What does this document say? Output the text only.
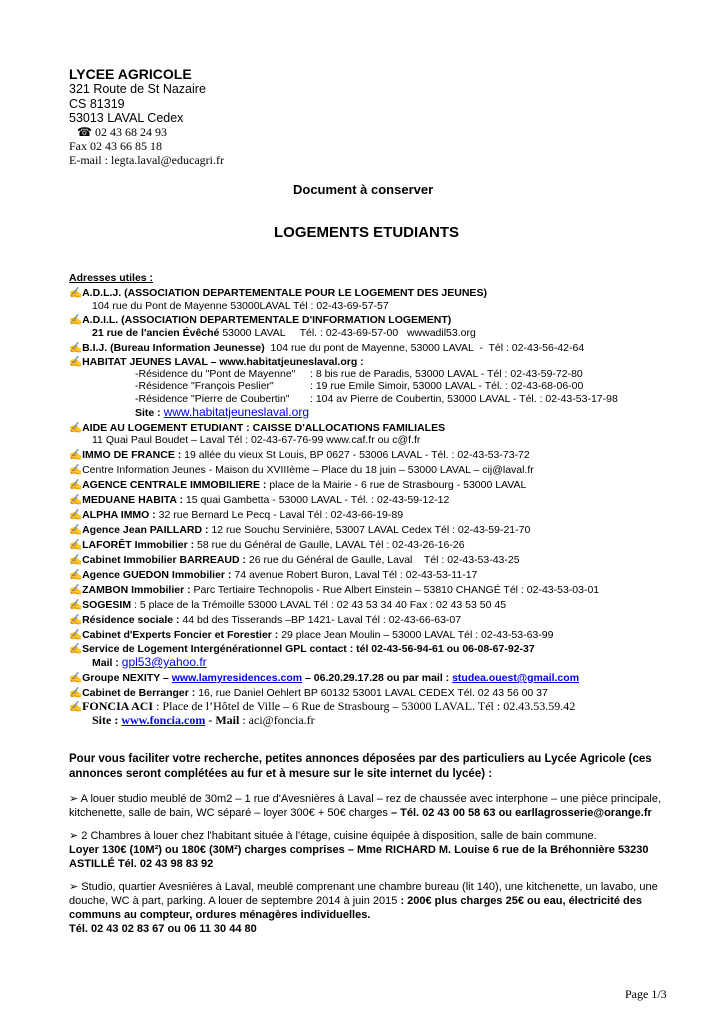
LYCEE AGRICOLE
321 Route de St Nazaire
CS 81319
53013 LAVAL Cedex
☎ 02 43 68 24 93
Fax 02 43 66 85 18
E-mail : legta.laval@educagri.fr
Document à conserver
LOGEMENTS ETUDIANTS
Adresses utiles :
✍A.D.L.J. (ASSOCIATION DEPARTEMENTALE POUR LE LOGEMENT DES JEUNES)
104 rue du Pont de Mayenne 53000LAVAL Tél : 02-43-69-57-57
✍A.D.I.L. (ASSOCIATION DEPARTEMENTALE D'INFORMATION LOGEMENT)
21 rue de l'ancien Évêché 53000 LAVAL     Tél. : 02-43-69-57-00   wwwadil53.org
✍B.I.J. (Bureau Information Jeunesse)  104 rue du pont de Mayenne, 53000 LAVAL  -  Tél : 02-43-56-42-64
✍HABITAT JEUNES LAVAL – www.habitatjeuneslaval.org :
-Résidence du "Pont de Mayenne" : 8 bis rue de Paradis, 53000 LAVAL - Tél : 02-43-59-72-80
-Résidence "François Peslier"	: 19 rue Emile Simoir, 53000 LAVAL - Tél. : 02-43-68-06-00
-Résidence "Pierre de Coubertin" : 104 av Pierre de Coubertin, 53000 LAVAL - Tél. : 02-43-53-17-98
Site : www.habitatjeuneslaval.org
✍AIDE AU LOGEMENT ETUDIANT : CAISSE D'ALLOCATIONS FAMILIALES
11 Quai Paul Boudet – Laval Tél : 02-43-67-76-99 www.caf.fr ou c@f.fr
✍IMMO DE FRANCE : 19 allée du vieux St Louis, BP 0627 - 53006 LAVAL - Tél. : 02-43-53-73-72
✍Centre Information Jeunes - Maison du XVIIIème – Place du 18 juin – 53000 LAVAL – cij@laval.fr
✍AGENCE CENTRALE IMMOBILIERE : place de la Mairie - 6 rue de Strasbourg - 53000 LAVAL
✍MEDUANE HABITA : 15 quai Gambetta - 53000 LAVAL - Tél. : 02-43-59-12-12
✍ALPHA IMMO : 32 rue Bernard Le Pecq - Laval Tél : 02-43-66-19-89
✍Agence Jean PAILLARD : 12 rue Souchu Servinière, 53007 LAVAL Cedex Tél : 02-43-59-21-70
✍LAFORÊT Immobilier : 58 rue du Général de Gaulle, LAVAL Tél : 02-43-26-16-26
✍Cabinet Immobilier BARREAUD : 26 rue du Général de Gaulle, Laval    Tél : 02-43-53-43-25
✍Agence GUEDON Immobilier : 74 avenue Robert Buron, Laval Tél : 02-43-53-11-17
✍ZAMBON Immobilier : Parc Tertiaire Technopolis - Rue Albert Einstein – 53810 CHANGÉ Tél : 02-43-53-03-01
✍SOGESIM : 5 place de la Trémoille 53000 LAVAL Tél : 02 43 53 34 40 Fax : 02 43 53 50 45
✍Résidence sociale : 44 bd des Tisserands –BP 1421- Laval Tél : 02-43-66-63-07
✍Cabinet d'Experts Foncier et Forestier : 29 place Jean Moulin – 53000 LAVAL Tél : 02-43-53-63-99
✍Service de Logement Intergénérationnel GPL contact : tél 02-43-56-94-61 ou 06-08-67-92-37
Mail : gpl53@yahoo.fr
✍Groupe NEXITY – www.lamyresidences.com – 06.20.29.17.28 ou par mail : studea.ouest@gmail.com
✍Cabinet de Berranger : 16, rue Daniel Oehlert BP 60132 53001 LAVAL CEDEX Tél. 02 43 56 00 37
✍FONCIA ACI : Place de l’Hôtel de Ville – 6 Rue de Strasbourg – 53000 LAVAL. Tél : 02.43.53.59.42
Site : www.foncia.com - Mail : aci@foncia.fr
Pour vous faciliter votre recherche, petites annonces déposées par des particuliers au Lycée Agricole (ces annonces seront complétées au fur et à mesure sur le site internet du lycée) :
➢ A louer studio meublé de 30m2 – 1 rue d'Avesnières à Laval – rez de chaussée avec interphone – une pièce principale, kitchenette, salle de bain, WC séparé – loyer 300€ + 50€ charges – Tél. 02 43 00 58 63 ou earllagrosserie@orange.fr
➢ 2 Chambres à louer chez l'habitant située à l'étage, cuisine équipée à disposition, salle de bain commune.
Loyer 130€ (10M²) ou 180€ (30M²) charges comprises – Mme RICHARD M. Louise 6 rue de la Bréhonnière 53230 ASTILLÉ Tél. 02 43 98 83 92
➢ Studio, quartier Avesnières à Laval, meublé comprenant une chambre bureau (lit 140), une kitchenette, un lavabo, une douche, WC à part, parking. A louer de septembre 2014 à juin 2015 : 200€ plus charges 25€ ou eau, électricité des communs au compteur, ordures ménagères individuelles.
Tél. 02 43 02 83 67 ou 06 11 30 44 80
Page 1/3
